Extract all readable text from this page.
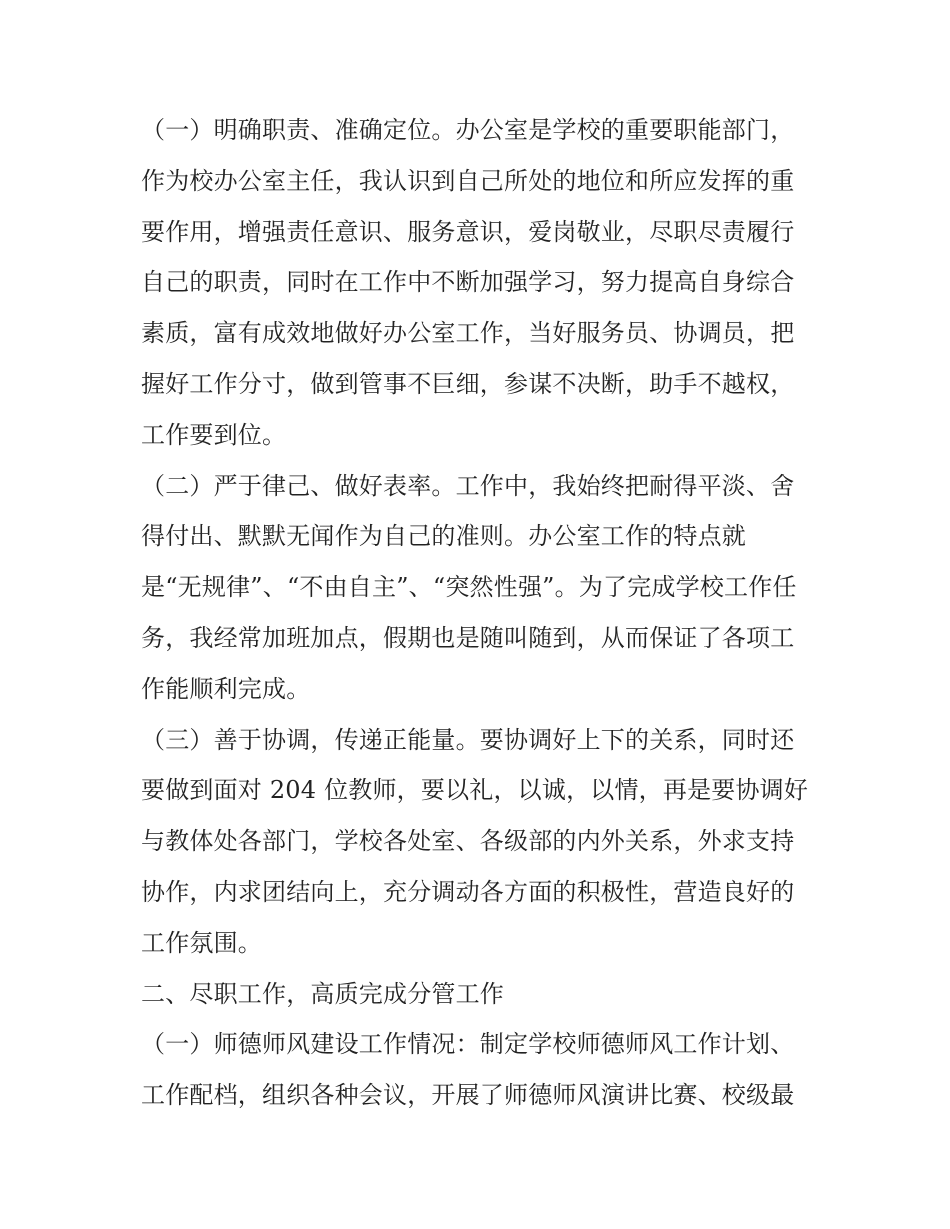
（一）明确职责、准确定位。办公室是学校的重要职能部门，
作为校办公室主任，我认识到自己所处的地位和所应发挥的重
要作用，增强责任意识、服务意识，爱岗敬业，尽职尽责履行
自己的职责，同时在工作中不断加强学习，努力提高自身综合
素质，富有成效地做好办公室工作，当好服务员、协调员，把
握好工作分寸，做到管事不巨细，参谋不决断，助手不越权，
工作要到位。
（二）严于律己、做好表率。工作中，我始终把耐得平淡、舍
得付出、默默无闻作为自己的准则。办公室工作的特点就
是“无规律”、“不由自主”、“突然性强”。为了完成学校工作任
务，我经常加班加点，假期也是随叫随到，从而保证了各项工
作能顺利完成。
（三）善于协调，传递正能量。要协调好上下的关系，同时还
要做到面对 204 位教师，要以礼，以诚，以情，再是要协调好
与教体处各部门，学校各处室、各级部的内外关系，外求支持
协作，内求团结向上，充分调动各方面的积极性，营造良好的
工作氛围。
二、尽职工作，高质完成分管工作
（一）师德师风建设工作情况：制定学校师德师风工作计划、
工作配档，组织各种会议，开展了师德师风演讲比赛、校级最
